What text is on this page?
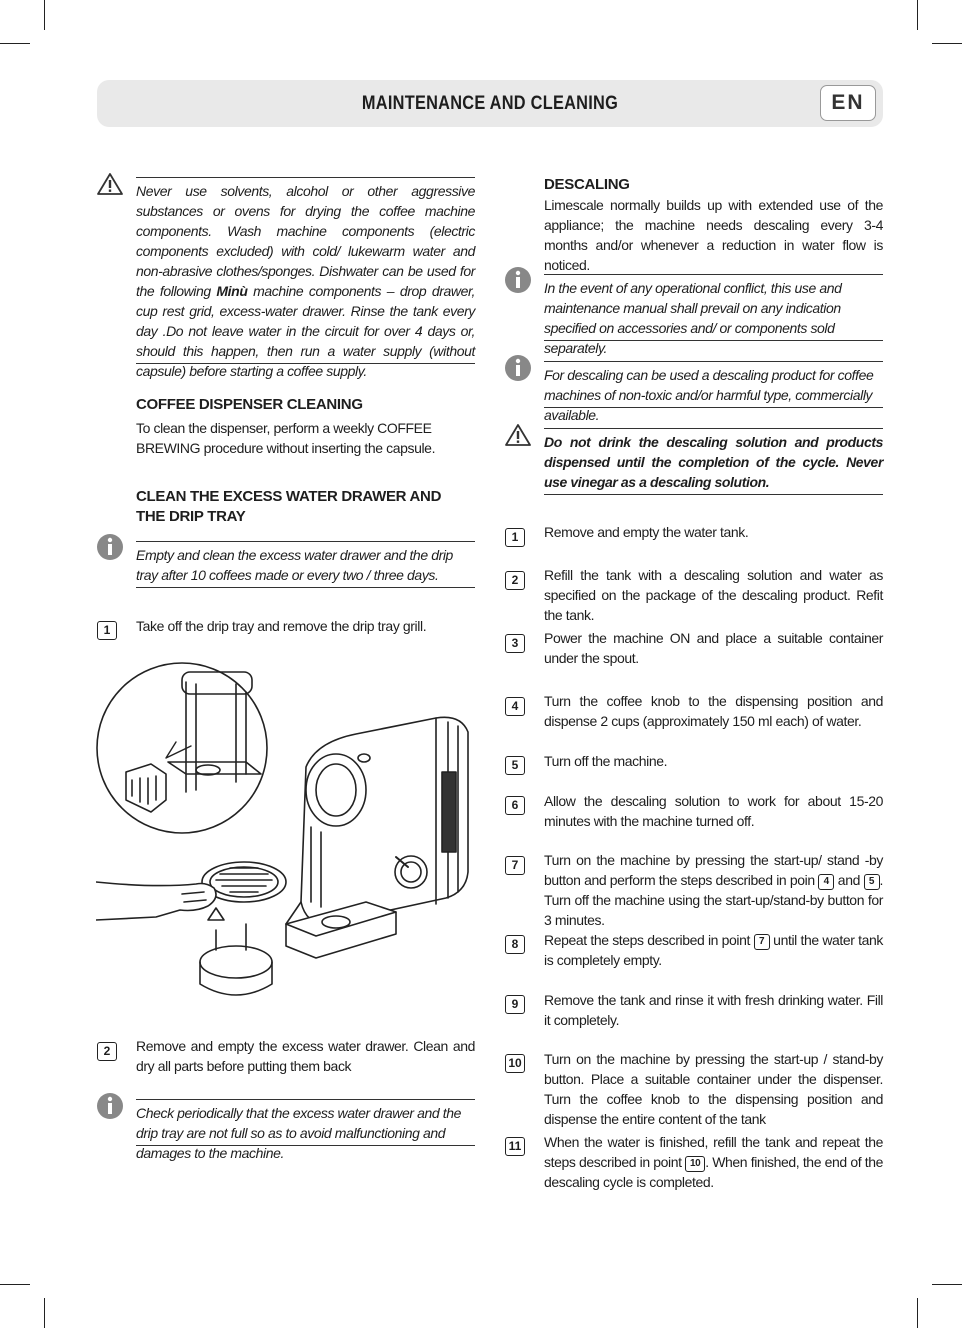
MAINTENANCE AND CLEANING	EN
Never use solvents, alcohol or other aggressive substances or ovens for drying the coffee machine components. Wash machine components (electric components excluded) with cold/ lukewarm water and non-abrasive clothes/sponges. Dishwater can be used for the following Minù machine components – drop drawer, cup rest grid, excess-water drawer. Rinse the tank every day .Do not leave water in the circuit for over 4 days or, should this happen, then run a water supply (without capsule) before starting a coffee supply.
COFFEE DISPENSER CLEANING
To clean the dispenser, perform a weekly COFFEE BREWING procedure without inserting the capsule.
CLEAN THE EXCESS WATER DRAWER AND THE DRIP TRAY
Empty and clean the excess water drawer and the drip tray after 10 coffees made or every two / three days.
1	Take off the drip tray and remove the drip tray grill.
2	Remove and empty the excess water drawer. Clean and dry all parts before putting them back
Check periodically that the excess water drawer and the drip tray are not full so as to avoid malfunctioning and damages to the machine.
DESCALING
Limescale normally builds up with extended use of the appliance; the machine needs descaling every 3-4 months and/or whenever a reduction in water flow is noticed.
In the event of any operational conflict, this use and maintenance manual shall prevail on any indication specified on accessories and/ or components sold separately.
For descaling can be used a descaling product for coffee machines of non-toxic and/or harmful type, commercially available.
Do not drink the descaling solution and products dispensed until the completion of the cycle. Never use vinegar as a descaling solution.
1	Remove and empty the water tank.
2	Refill the tank with a descaling solution and water as specified on the package of the descaling product. Refit the tank.
3	Power the machine ON and place a suitable container under the spout.
4	Turn the coffee knob to the dispensing position and dispense 2 cups (approximately 150 ml each) of water.
5	Turn off the machine.
6	Allow the descaling solution to work for about 15-20 minutes with the machine turned off.
7	Turn on the machine by pressing the start-up/ stand -by button and perform the steps described in poin 4 and 5 . Turn off the machine using the start-up/stand-by button for 3 minutes.
8	Repeat the steps described in point 7 until the water tank is completely empty.
9	Remove the tank and rinse it with fresh drinking water. Fill it completely.
10 Turn on the machine by pressing the start-up / stand-by button. Place a suitable container under the dispenser. Turn the coffee knob to the dispensing position and dispense the entire content of the tank
11 When the water is finished, refill the tank and repeat the steps described in point 10 . When finished, the end of the descaling cycle is completed.
